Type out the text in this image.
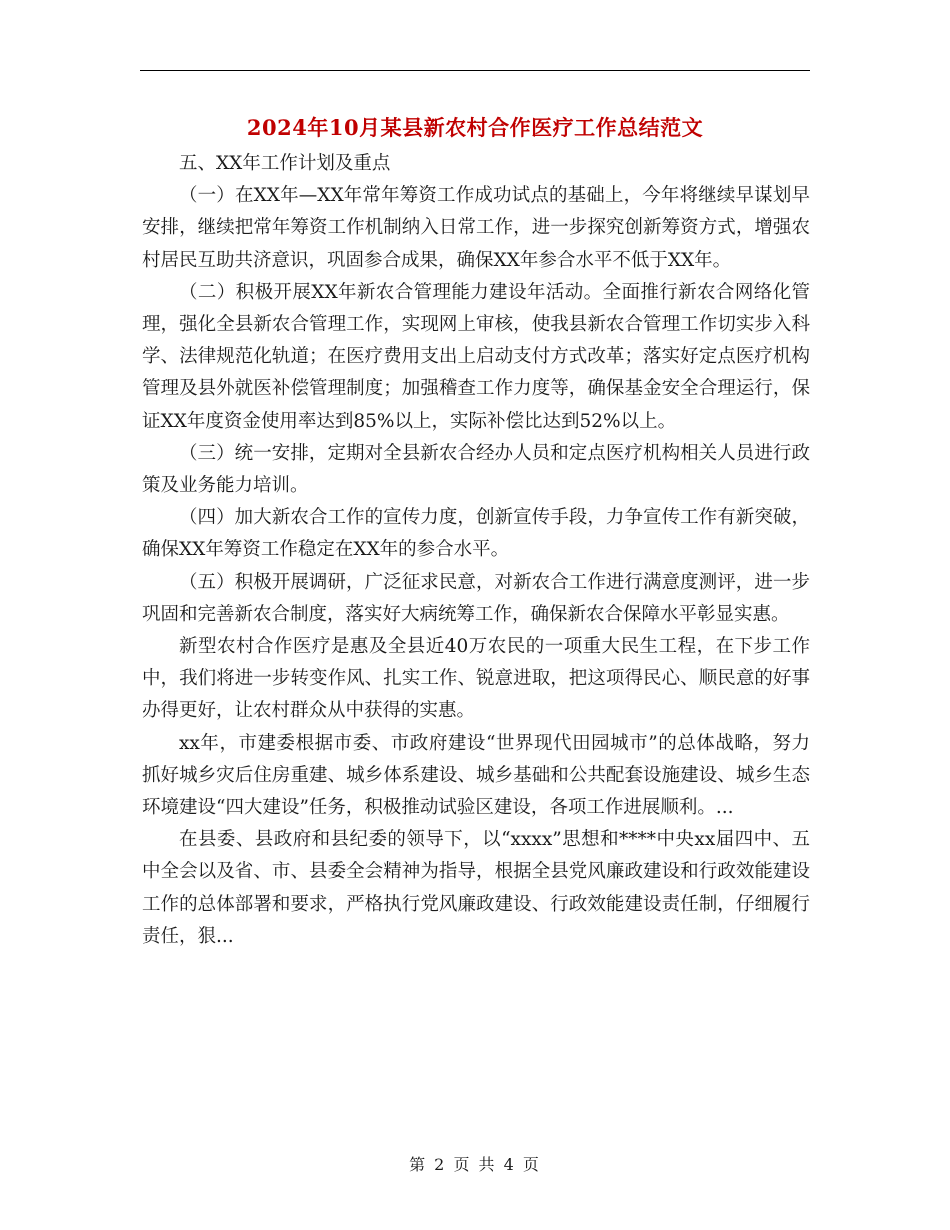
2024年10月某县新农村合作医疗工作总结范文

五、XX年工作计划及重点

（一）在XX年—XX年常年筹资工作成功试点的基础上，今年将继续早谋划早安排，继续把常年筹资工作机制纳入日常工作，进一步探究创新筹资方式，增强农村居民互助共济意识，巩固参合成果，确保XX年参合水平不低于XX年。

（二）积极开展XX年新农合管理能力建设年活动。全面推行新农合网络化管理，强化全县新农合管理工作，实现网上审核，使我县新农合管理工作切实步入科学、法律规范化轨道；在医疗费用支出上启动支付方式改革；落实好定点医疗机构管理及县外就医补偿管理制度；加强稽查工作力度等，确保基金安全合理运行，保证XX年度资金使用率达到85%以上，实际补偿比达到52%以上。

（三）统一安排，定期对全县新农合经办人员和定点医疗机构相关人员进行政策及业务能力培训。

（四）加大新农合工作的宣传力度，创新宣传手段，力争宣传工作有新突破，确保XX年筹资工作稳定在XX年的参合水平。

（五）积极开展调研，广泛征求民意，对新农合工作进行满意度测评，进一步巩固和完善新农合制度，落实好大病统筹工作，确保新农合保障水平彰显实惠。

新型农村合作医疗是惠及全县近40万农民的一项重大民生工程，在下步工作中，我们将进一步转变作风、扎实工作、锐意进取，把这项得民心、顺民意的好事办得更好，让农村群众从中获得的实惠。

xx年，市建委根据市委、市政府建设“世界现代田园城市”的总体战略，努力抓好城乡灾后住房重建、城乡体系建设、城乡基础和公共配套设施建设、城乡生态环境建设“四大建设”任务，积极推动试验区建设，各项工作进展顺利。...

在县委、县政府和县纪委的领导下，以“xxxx”思想和****中央xx届四中、五中全会以及省、市、县委全会精神为指导，根据全县党风廉政建设和行政效能建设工作的总体部署和要求，严格执行党风廉政建设、行政效能建设责任制，仔细履行责任，狠...

第 2 页 共 4 页
